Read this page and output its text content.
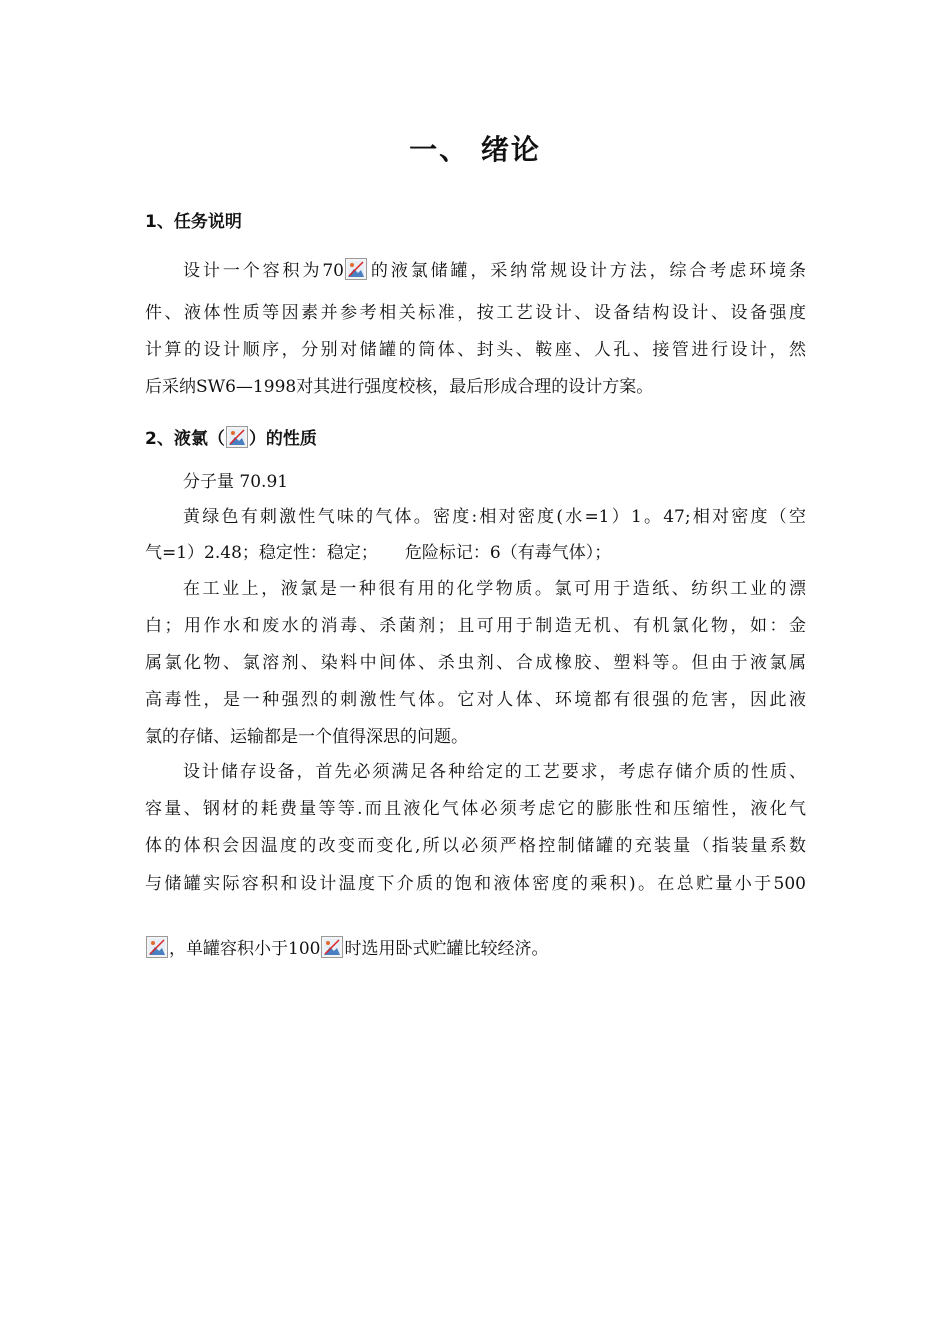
一、 绪论
1、任务说明
设计一个容积为70 的液氯储罐，采纳常规设计方法，综合考虑环境条
件、液体性质等因素并参考相关标准，按工艺设计、设备结构设计、设备强度
计算的设计顺序，分别对储罐的筒体、封头、鞍座、人孔、接管进行设计，然
后采纳SW6—1998对其进行强度校核，最后形成合理的设计方案。
2、液氯（ ）的性质
分子量 70.91
黄绿色有刺激性气味的气体。密度:相对密度(水=1）1。47;相对密度（空
气=1）2.48；稳定性：稳定；     危险标记：6（有毒气体）；
在工业上，液氯是一种很有用的化学物质。氯可用于造纸、纺织工业的漂
白；用作水和废水的消毒、杀菌剂；且可用于制造无机、有机氯化物，如：金
属氯化物、氯溶剂、染料中间体、杀虫剂、合成橡胶、塑料等。但由于液氯属
高毒性，是一种强烈的刺激性气体。它对人体、环境都有很强的危害，因此液
氯的存储、运输都是一个值得深思的问题。
设计储存设备，首先必须满足各种给定的工艺要求，考虑存储介质的性质、
容量、钢材的耗费量等等.而且液化气体必须考虑它的膨胀性和压缩性，液化气
体的体积会因温度的改变而变化,所以必须严格控制储罐的充装量（指装量系数
与储罐实际容积和设计温度下介质的饱和液体密度的乘积)。在总贮量小于500
，单罐容积小于100 时选用卧式贮罐比较经济。
